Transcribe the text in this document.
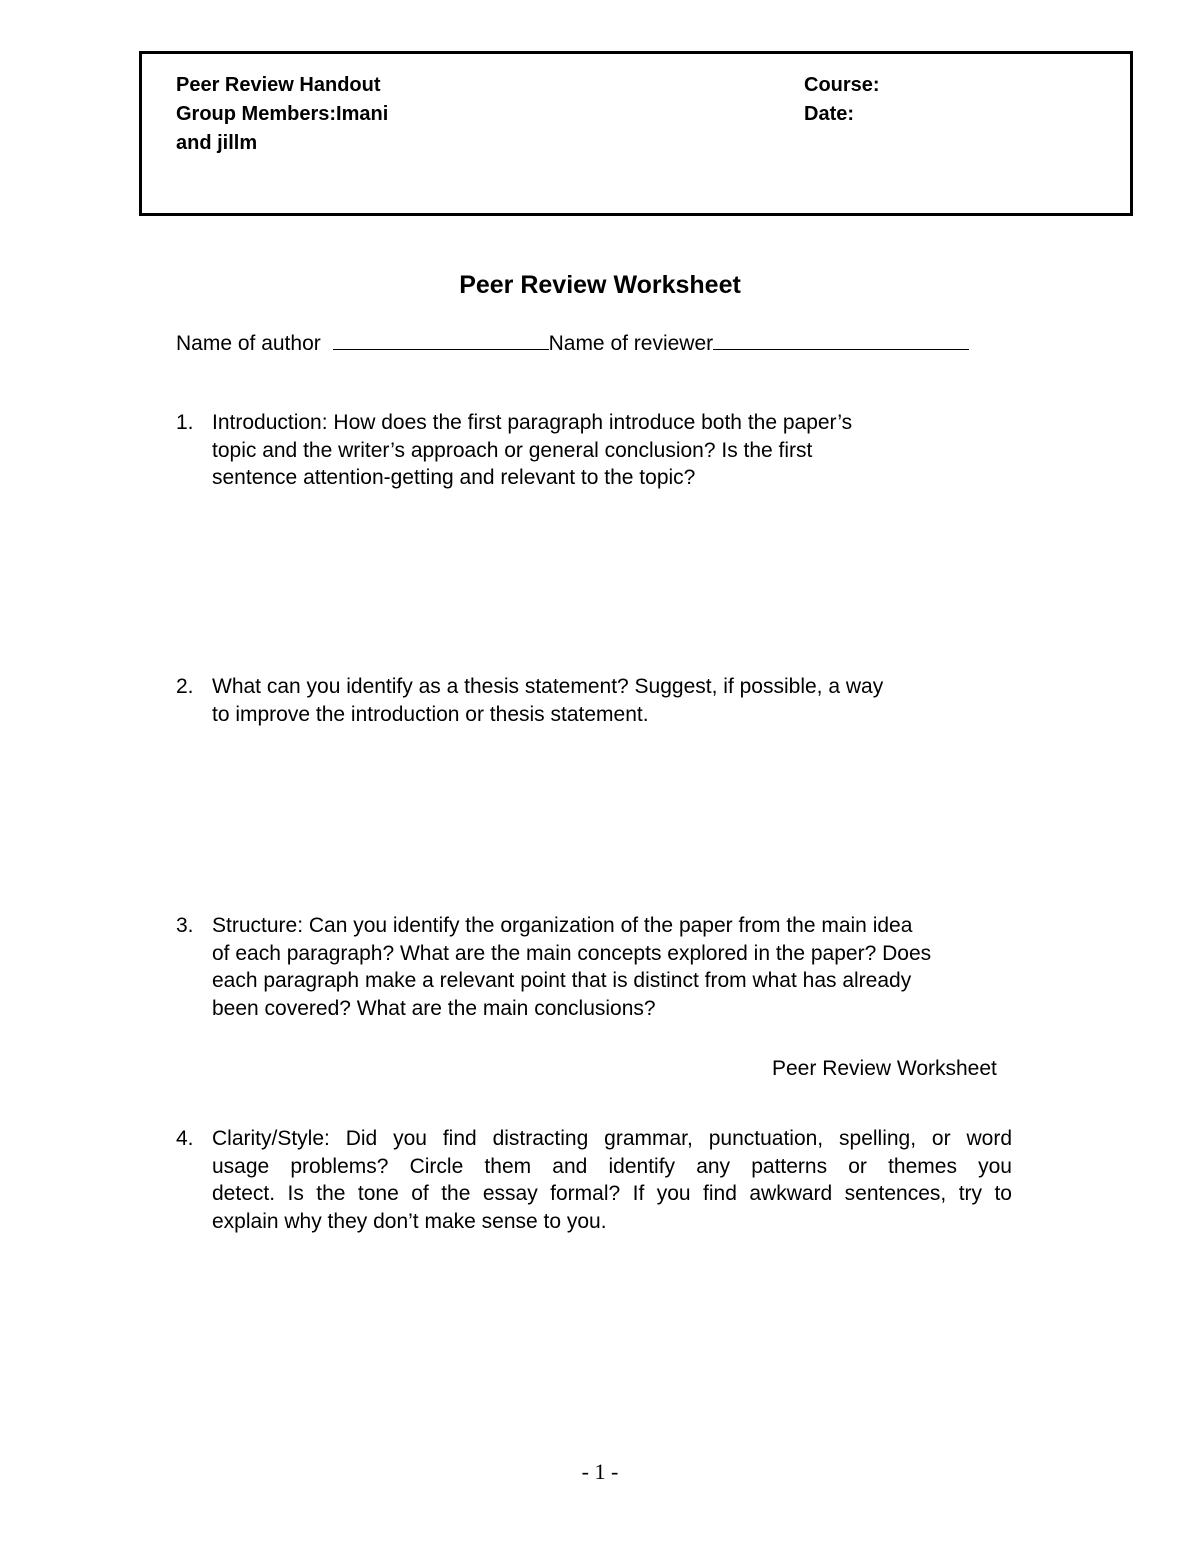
Peer Review Handout
Group Members:Imani
and jillm
Course:
Date:
Peer Review Worksheet
Name of author	Name of reviewer
1. Introduction: How does the first paragraph introduce both the paper’s
topic and the writer’s approach or general conclusion? Is the first
sentence attention-getting and relevant to the topic?
2. What can you identify as a thesis statement? Suggest, if possible, a way
to improve the introduction or thesis statement.
3. Structure: Can you identify the organization of the paper from the main idea
of each paragraph? What are the main concepts explored in the paper? Does
each paragraph make a relevant point that is distinct from what has already
been covered? What are the main conclusions?
Peer Review Worksheet
4. Clarity/Style: Did you find distracting grammar, punctuation, spelling, or word
usage problems? Circle them and identify any patterns or themes you
detect. Is the tone of the essay formal? If you find awkward sentences, try to
explain why they don’t make sense to you.
- 1 -
